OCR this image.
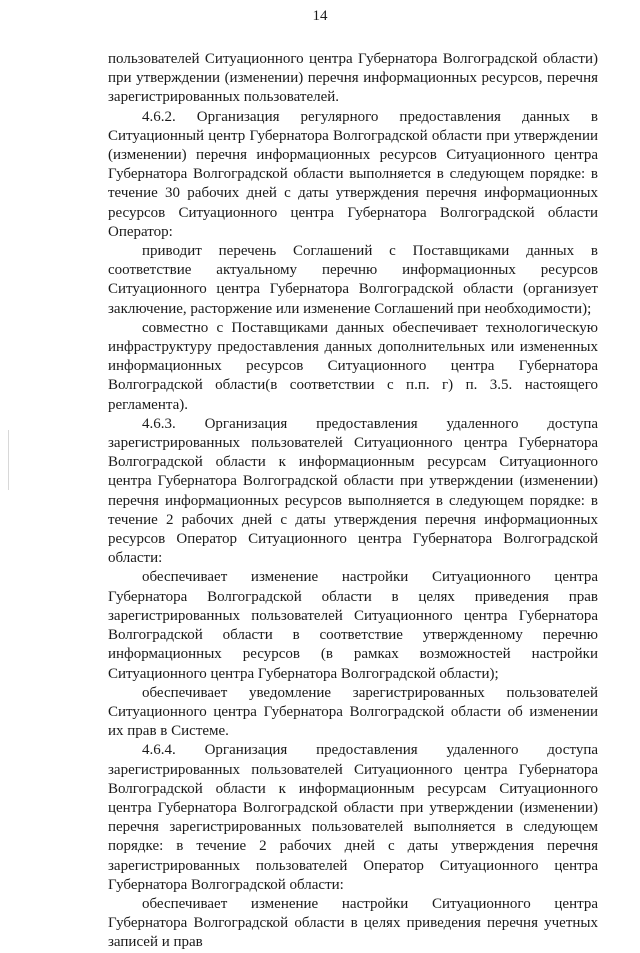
14

пользователей Ситуационного центра Губернатора Волгоградской области) при утверждении (изменении) перечня информационных ресурсов, перечня зарегистрированных пользователей.

4.6.2. Организация регулярного предоставления данных в Ситуационный центр Губернатора Волгоградской области при утверждении (изменении) перечня информационных ресурсов Ситуационного центра Губернатора Волгоградской области выполняется в следующем порядке: в течение 30 рабочих дней с даты утверждения перечня информационных ресурсов Ситуационного центра Губернатора Волгоградской области Оператор:

приводит перечень Соглашений с Поставщиками данных в соответствие актуальному перечню информационных ресурсов Ситуационного центра Губернатора Волгоградской области (организует заключение, расторжение или изменение Соглашений при необходимости);

совместно с Поставщиками данных обеспечивает технологическую инфраструктуру предоставления данных дополнительных или измененных информационных ресурсов Ситуационного центра Губернатора Волгоградской области(в соответствии с п.п. г) п. 3.5. настоящего регламента).

4.6.3. Организация предоставления удаленного доступа зарегистрированных пользователей Ситуационного центра Губернатора Волгоградской области к информационным ресурсам Ситуационного центра Губернатора Волгоградской области при утверждении (изменении) перечня информационных ресурсов выполняется в следующем порядке: в течение 2 рабочих дней с даты утверждения перечня информационных ресурсов Оператор Ситуационного центра Губернатора Волгоградской области:

обеспечивает изменение настройки Ситуационного центра Губернатора Волгоградской области в целях приведения прав зарегистрированных пользователей Ситуационного центра Губернатора Волгоградской области в соответствие утвержденному перечню информационных ресурсов (в рамках возможностей настройки Ситуационного центра Губернатора Волгоградской области);

обеспечивает уведомление зарегистрированных пользователей Ситуационного центра Губернатора Волгоградской области об изменении их прав в Системе.

4.6.4. Организация предоставления удаленного доступа зарегистрированных пользователей Ситуационного центра Губернатора Волгоградской области к информационным ресурсам Ситуационного центра Губернатора Волгоградской области при утверждении (изменении) перечня зарегистрированных пользователей выполняется в следующем порядке: в течение 2 рабочих дней с даты утверждения перечня зарегистрированных пользователей Оператор Ситуационного центра Губернатора Волгоградской области:

обеспечивает изменение настройки Ситуационного центра Губернатора Волгоградской области в целях приведения перечня учетных записей и прав
